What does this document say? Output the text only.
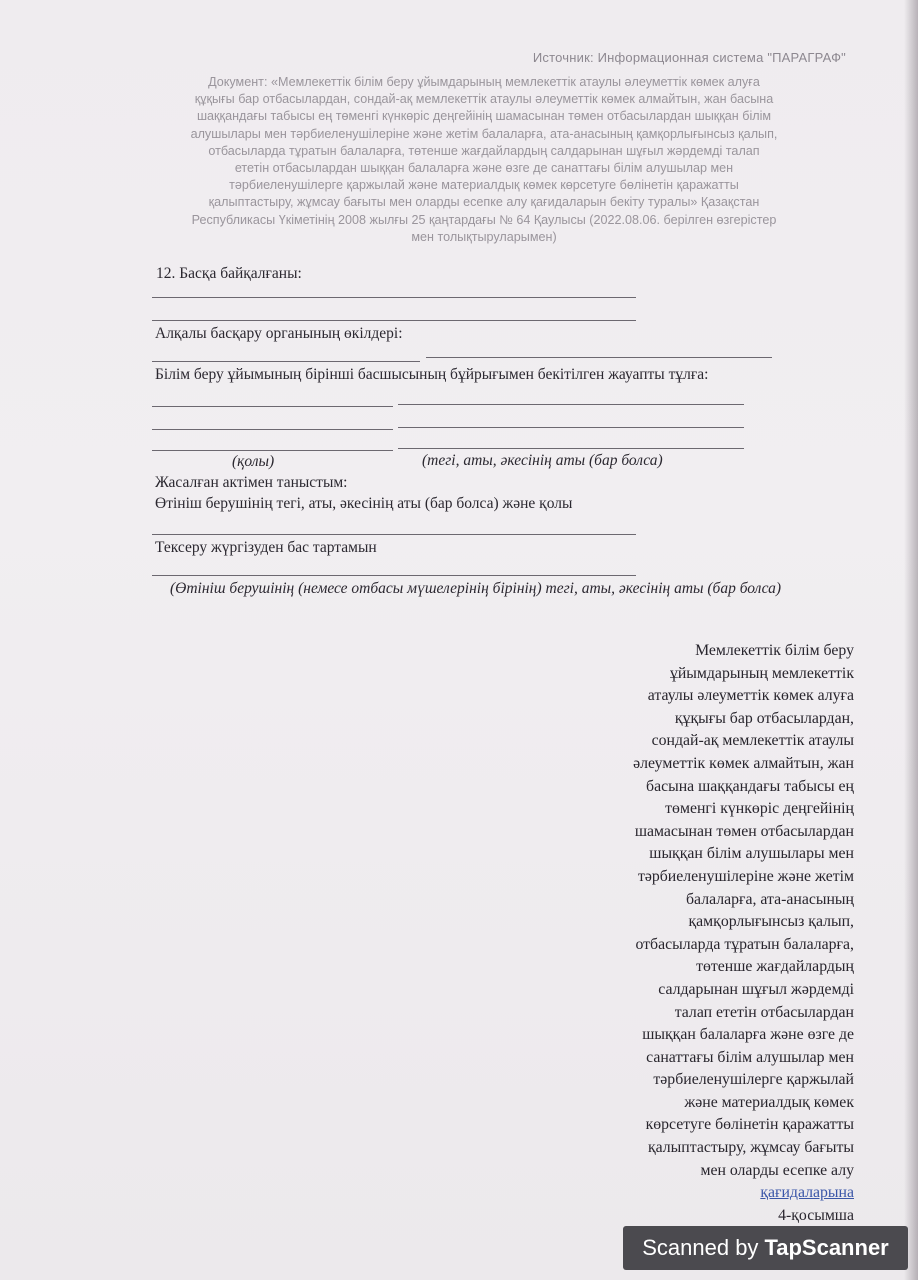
Источник: Информационная система "ПАРАГРАФ"
Документ: «Мемлекеттік білім беру ұйымдарының мемлекеттік атаулы әлеуметтік көмек алуға
құқығы бар отбасылардан, сондай-ақ мемлекеттік атаулы әлеуметтік көмек алмайтын, жан басына
шаққандағы табысы ең төменгі күнкөріс деңгейінің шамасынан төмен отбасылардан шыққан білім
алушылары мен тәрбиеленушілеріне және жетім балаларға, ата-анасының қамқорлығынсыз қалып,
отбасыларда тұратын балаларға, төтенше жағдайлардың салдарынан шұғыл жәрдемді талап
ететін отбасылардан шыққан балаларға және өзге де санаттағы білім алушылар мен
тәрбиеленушілерге қаржылай және материалдық көмек көрсетуге бөлінетін қаражатты
қалыптастыру, жұмсау бағыты мен оларды есепке алу қағидаларын бекіту туралы» Қазақстан
Республикасы Үкіметінің 2008 жылғы 25 қаңтардағы № 64 Қаулысы (2022.08.06. берілген өзгерістер
мен толықтыруларымен)

12. Басқа байқалғаны:

Алқалы басқару органының өкілдері:

Білім беру ұйымының бірінші басшысының бұйрығымен бекітілген жауапты тұлға:

(қолы)	(тегі, аты, әкесінің аты (бар болса)

Жасалған актімен таныстым:

Өтініш берушінің тегі, аты, әкесінің аты (бар болса) және қолы

Тексеру жүргізуден бас тартамын

(Өтініш берушінің (немесе отбасы мүшелерінің бірінің) тегі, аты, әкесінің аты (бар болса)

Мемлекеттік білім беру
ұйымдарының мемлекеттік
атаулы әлеуметтік көмек алуға
құқығы бар отбасылардан,
сондай-ақ мемлекеттік атаулы
әлеуметтік көмек алмайтын, жан
басына шаққандағы табысы ең
төменгі күнкөріс деңгейінің
шамасынан төмен отбасылардан
шыққан білім алушылары мен
тәрбиеленушілеріне және жетім
балаларға, ата-анасының
қамқорлығынсыз қалып,
отбасыларда тұратын балаларға,
төтенше жағдайлардың
салдарынан шұғыл жәрдемді
талап ететін отбасылардан
шыққан балаларға және өзге де
санаттағы білім алушылар мен
тәрбиеленушілерге қаржылай
және материалдық көмек
көрсетуге бөлінетін қаражатты
қалыптастыру, жұмсау бағыты
мен оларды есепке алу
қағидаларына
4-қосымша
Scanned by TapScanner
